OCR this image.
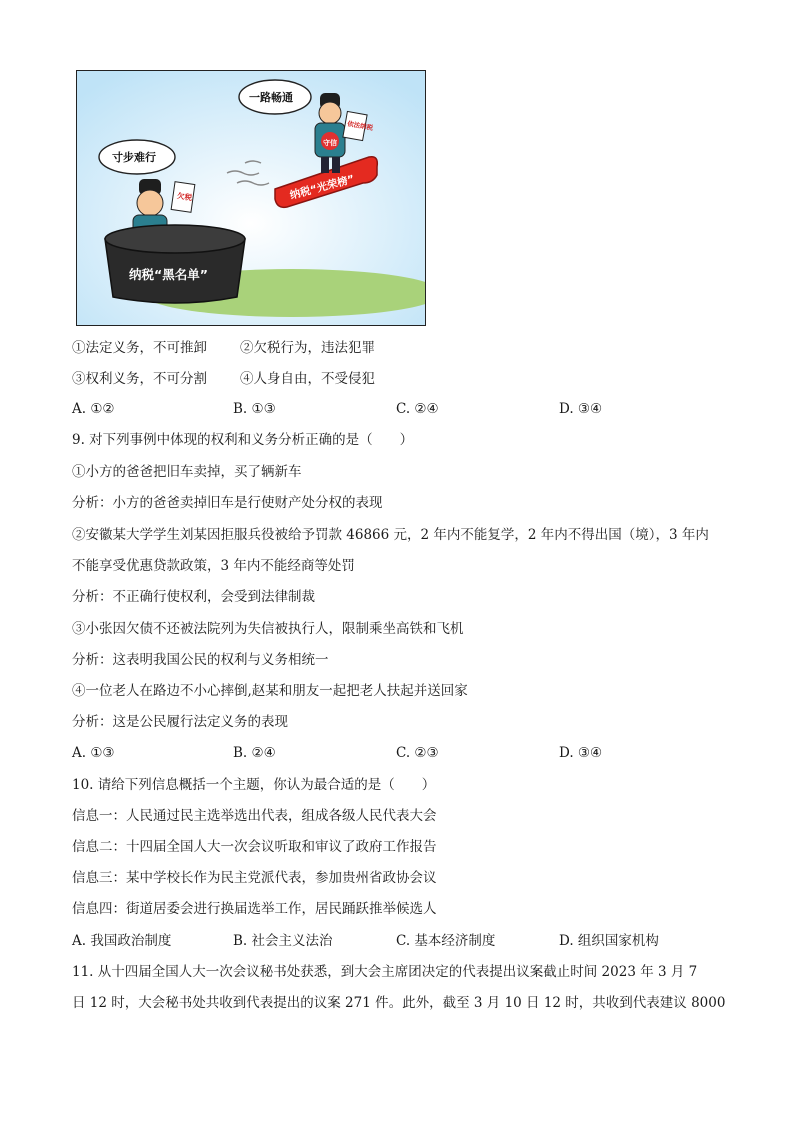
纳税“光荣榜”
守信
依法纳税
一路畅通
寸步难行
欠税
纳税“黑名单”
①法定义务，不可推卸 ②欠税行为，违法犯罪
③权利义务，不可分割 ④人身自由，不受侵犯
A. ①②	B. ①③	C. ②④	D. ③④
9. 对下列事例中体现的权利和义务分析正确的是（　　）
①小方的爸爸把旧车卖掉，买了辆新车
分析：小方的爸爸卖掉旧车是行使财产处分权的表现
②安徽某大学学生刘某因拒服兵役被给予罚款 46866 元，2 年内不能复学，2 年内不得出国（境），3 年内
不能享受优惠贷款政策，3 年内不能经商等处罚
分析：不正确行使权利，会受到法律制裁
③小张因欠债不还被法院列为失信被执行人，限制乘坐高铁和飞机
分析：这表明我国公民的权利与义务相统一
④一位老人在路边不小心摔倒,赵某和朋友一起把老人扶起并送回家
分析：这是公民履行法定义务的表现
A. ①③	B. ②④	C. ②③	D. ③④
10. 请给下列信息概括一个主题，你认为最合适的是（　　）
信息一：人民通过民主选举选出代表，组成各级人民代表大会
信息二：十四届全国人大一次会议听取和审议了政府工作报告
信息三：某中学校长作为民主党派代表，参加贵州省政协会议
信息四：街道居委会进行换届选举工作，居民踊跃推举候选人
A. 我国政治制度	B. 社会主义法治	C. 基本经济制度	D. 组织国家机构
11. 从十四届全国人大一次会议秘书处获悉，到大会主席团决定的代表提出议案截止时间 2023 年 3 月 7
日 12 时，大会秘书处共收到代表提出的议案 271 件。此外，截至 3 月 10 日 12 时，共收到代表建议 8000
